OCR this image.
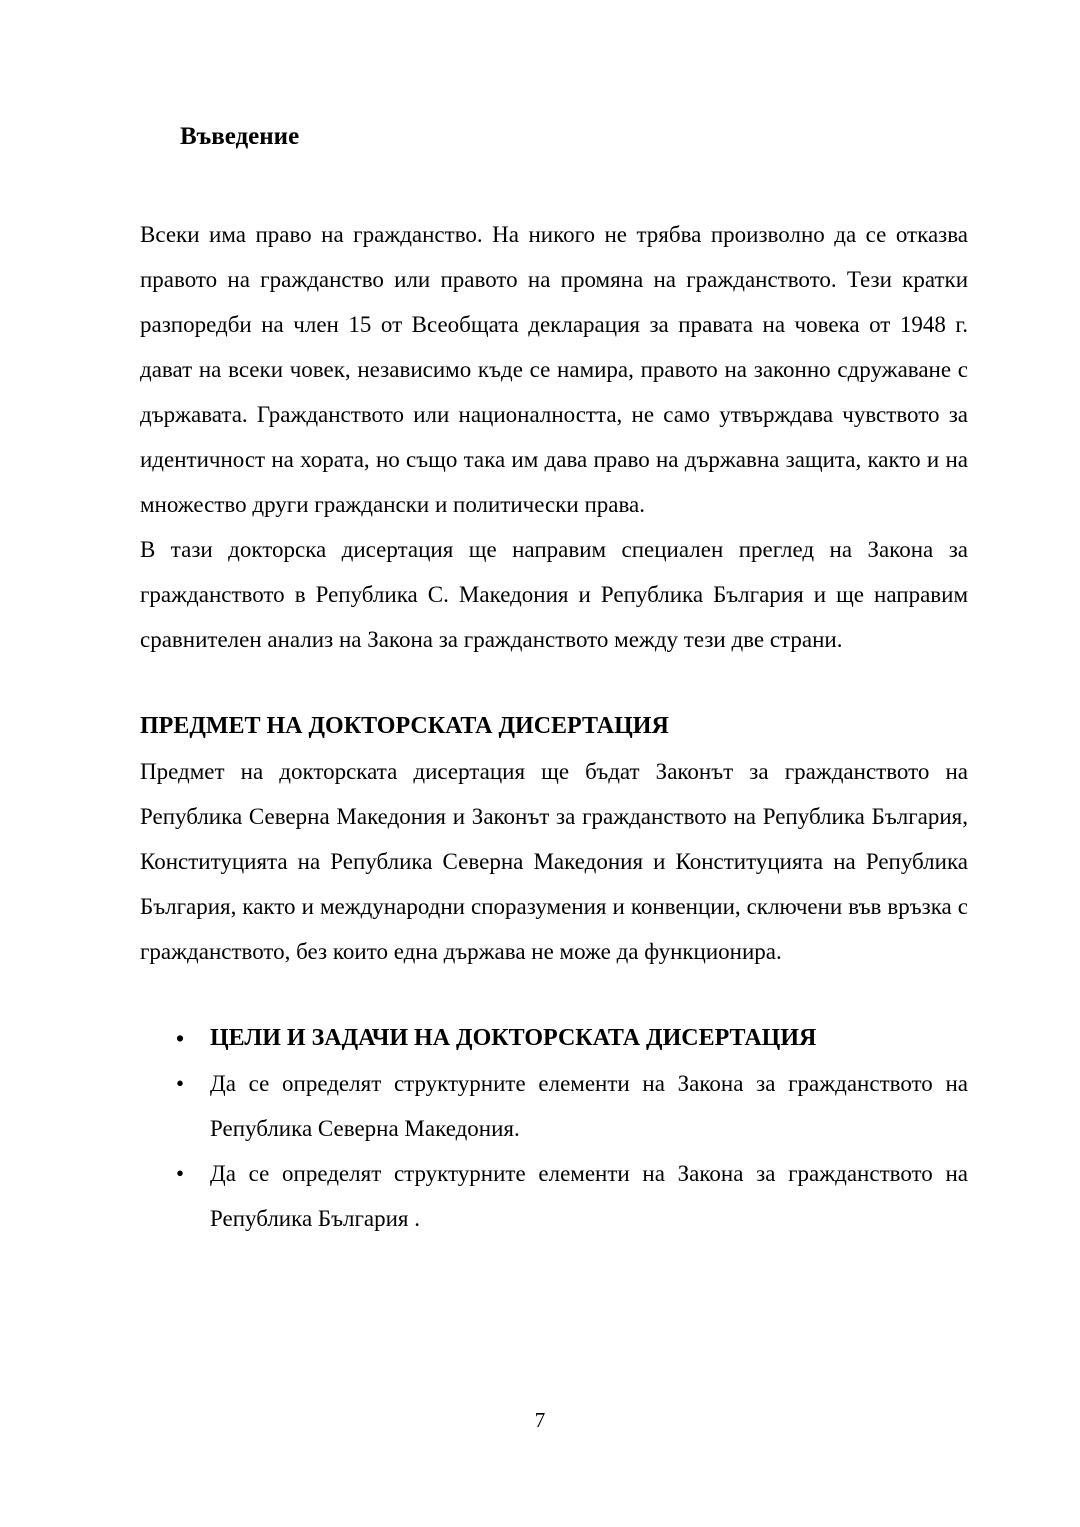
Въведение

Всеки има право на гражданство. На никого не трябва произволно да се отказва правото на гражданство или правото на промяна на гражданството. Тези кратки разпоредби на член 15 от Всеобщата декларация за правата на човека от 1948 г. дават на всеки човек, независимо къде се намира, правото на законно сдружаване с държавата. Гражданството или националността, не само утвърждава чувството за идентичност на хората, но също така им дава право на държавна защита, както и на множество други граждански и политически права.

В тази докторска дисертация ще направим специален преглед на Закона за гражданството в Република С. Македония и Република България и ще направим сравнителен анализ на Закона за гражданството между тези две страни.

ПРЕДМЕТ НА ДОКТОРСКАТА ДИСЕРТАЦИЯ

Предмет на докторската дисертация ще бъдат Законът за гражданството на Република Северна Македония и Законът за гражданството на Република България, Конституцията на Република Северна Македония и Конституцията на Република България, както и международни споразумения и конвенции, сключени във връзка с гражданството, без които една държава не може да функционира.

• ЦЕЛИ И ЗАДАЧИ НА ДОКТОРСКАТА ДИСЕРТАЦИЯ
• Да се определят структурните елементи на Закона за гражданството на Република Северна Македония.
• Да се определят структурните елементи на Закона за гражданството на Република България .
7
